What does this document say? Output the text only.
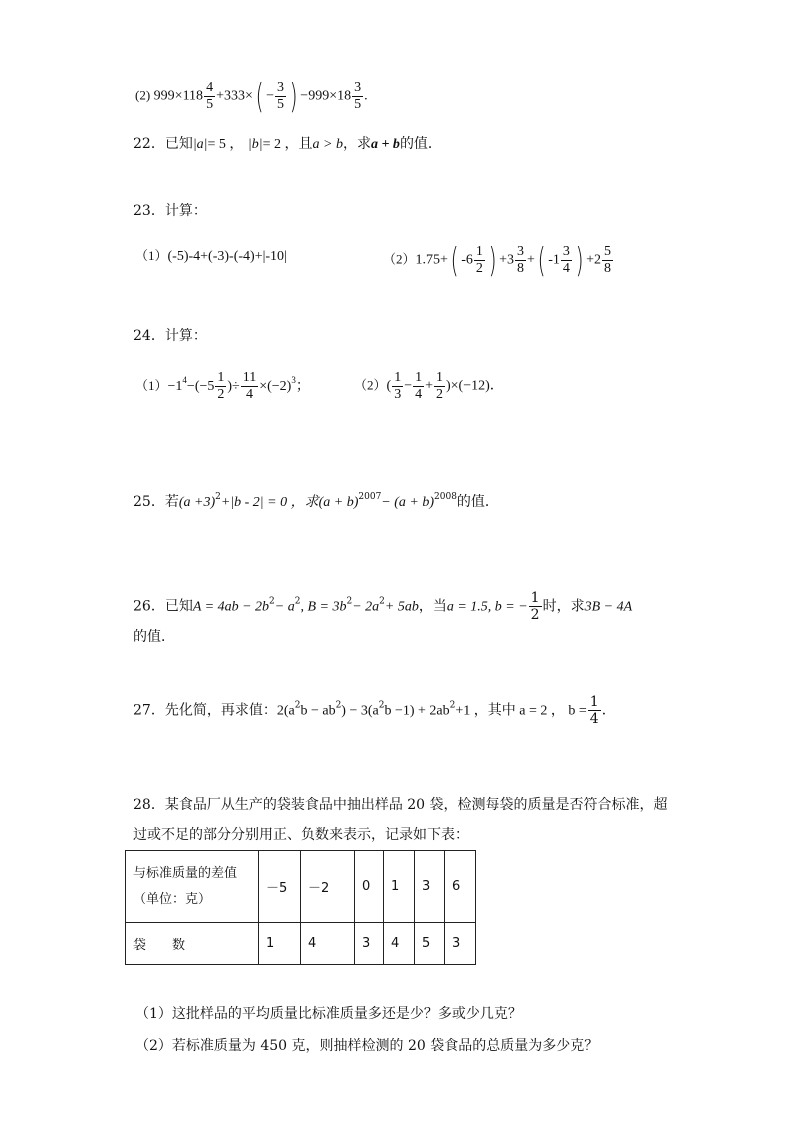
(2) $999\times 118 \frac{4}{5} +333\times( - \frac{3}{5}$ ) $-999\times 18 \frac{3}{5}$ .
22．已知|a|= 5 ， |b|= 2 ，且a > b，求a + b的值．
23．计算：
（1）(-5)-4+(-3)-(-4)+|-10|	（2）1.75+( $-6 \frac{1}{2}$ ) $+3 \frac{3}{8}$ +( $-1 \frac{3}{4}$ ) $+2 \frac{5}{8}$
24．计算：
$(1)-1^4-(-5 \frac{1}{2}$ )÷ $\frac{11}{4} \times(-2)^3$；	$(2)( \frac{1}{3} - \frac{1}{4} + \frac{1}{2} )\times(-12)$．
25．若$(a +3)^2+|b - 2| = 0$ ，求$(a + b)^{2007}- (a + b)^{2008}$的值．
26．已知$A = 4ab - 2b^2- a^2$, $B = 3b^2- 2a^2+ 5ab$，当a = 1.5, b = − $\frac{1}{2}$ 时，求3B − 4A
的值．
27．先化简，再求值：$2(a^2b - ab^2) - 3(a^2b -1) + 2ab^2+1$ ，其中 a = 2 ， $b = \frac{1}{4}$ ．
28．某食品厂从生产的袋装食品中抽出样品 20 袋，检测每袋的质量是否符合标准，超
过或不足的部分分别用正、负数来表示，记录如下表：
与标准质量的差值
（单位：克）	－5	－2	0	1	3	6
袋　　数	1	4	3	4	5	3
（1）这批样品的平均质量比标准质量多还是少？多或少几克？
（2）若标准质量为 450 克，则抽样检测的 20 袋食品的总质量为多少克？
